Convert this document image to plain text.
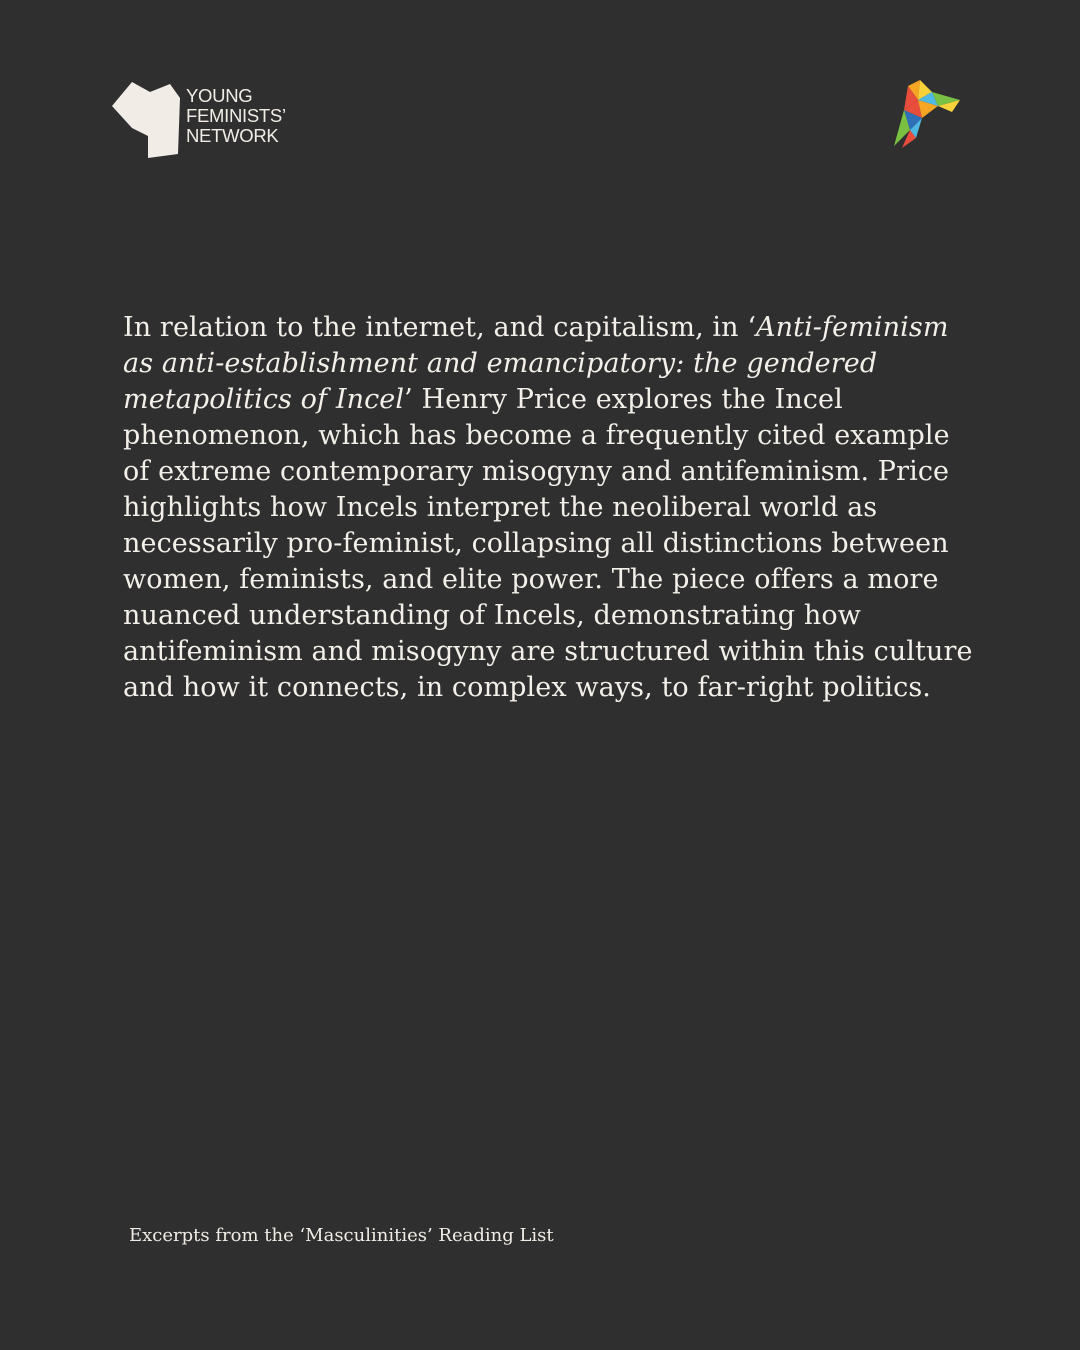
YOUNG
FEMINISTS’
NETWORK

In relation to the internet, and capitalism, in ‘Anti-feminism as anti-establishment and emancipatory: the gendered metapolitics of Incel’ Henry Price explores the Incel phenomenon, which has become a frequently cited example of extreme contemporary misogyny and antifeminism. Price highlights how Incels interpret the neoliberal world as necessarily pro-feminist, collapsing all distinctions between women, feminists, and elite power. The piece offers a more nuanced understanding of Incels, demonstrating how antifeminism and misogyny are structured within this culture and how it connects, in complex ways, to far-right politics.

Excerpts from the ‘Masculinities’ Reading List
